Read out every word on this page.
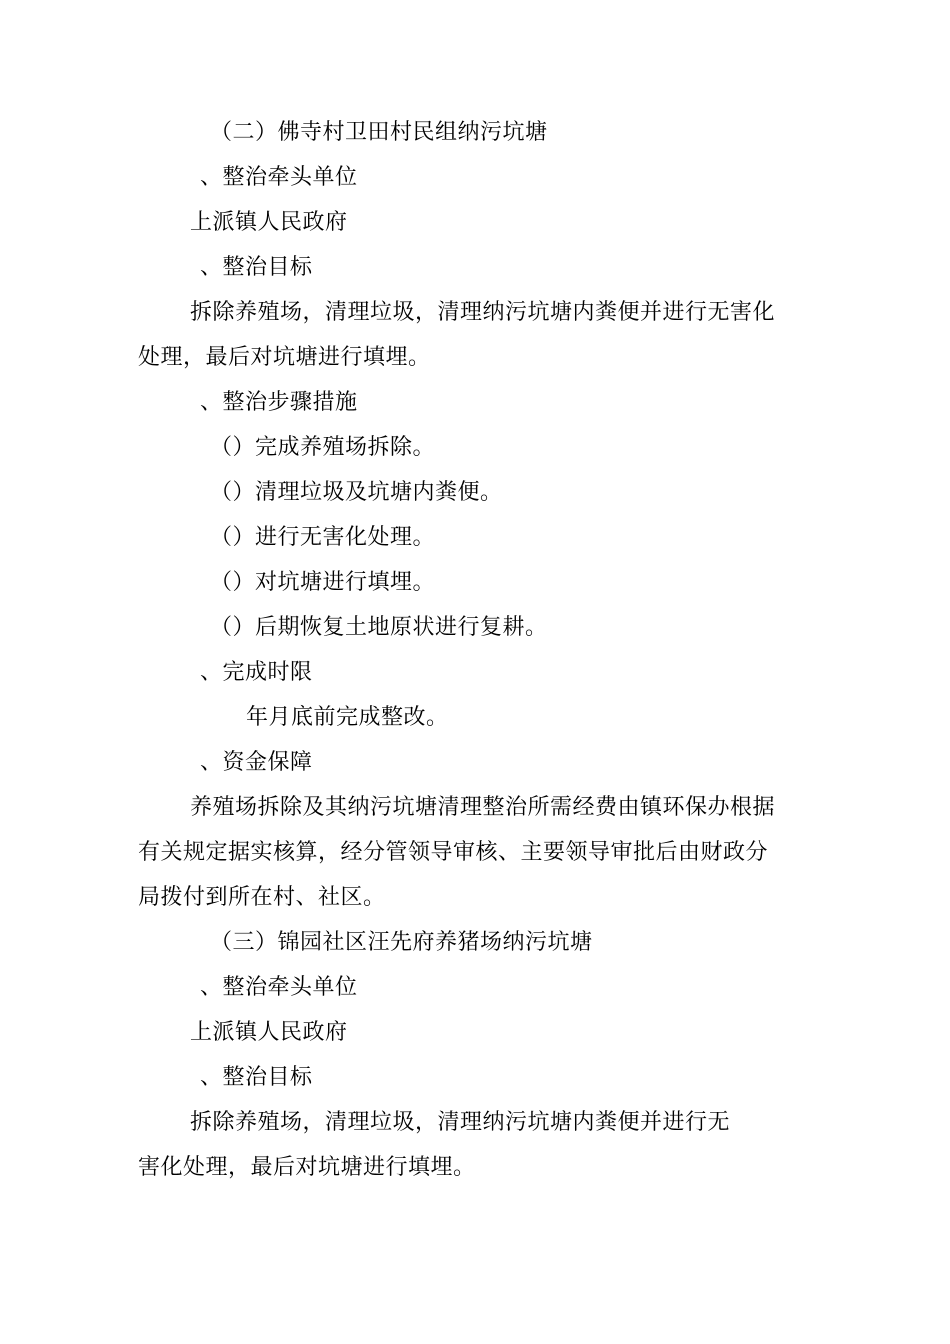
（二）佛寺村卫田村民组纳污坑塘
、整治牵头单位
上派镇人民政府
、整治目标
拆除养殖场，清理垃圾，清理纳污坑塘内粪便并进行无害化
处理，最后对坑塘进行填埋。
、整治步骤措施
（）完成养殖场拆除。
（）清理垃圾及坑塘内粪便。
（）进行无害化处理。
（）对坑塘进行填埋。
（）后期恢复土地原状进行复耕。
、完成时限
年月底前完成整改。
、资金保障
养殖场拆除及其纳污坑塘清理整治所需经费由镇环保办根据
有关规定据实核算，经分管领导审核、主要领导审批后由财政分
局拨付到所在村、社区。
（三）锦园社区汪先府养猪场纳污坑塘
、整治牵头单位
上派镇人民政府
、整治目标
拆除养殖场，清理垃圾，清理纳污坑塘内粪便并进行无
害化处理，最后对坑塘进行填埋。
